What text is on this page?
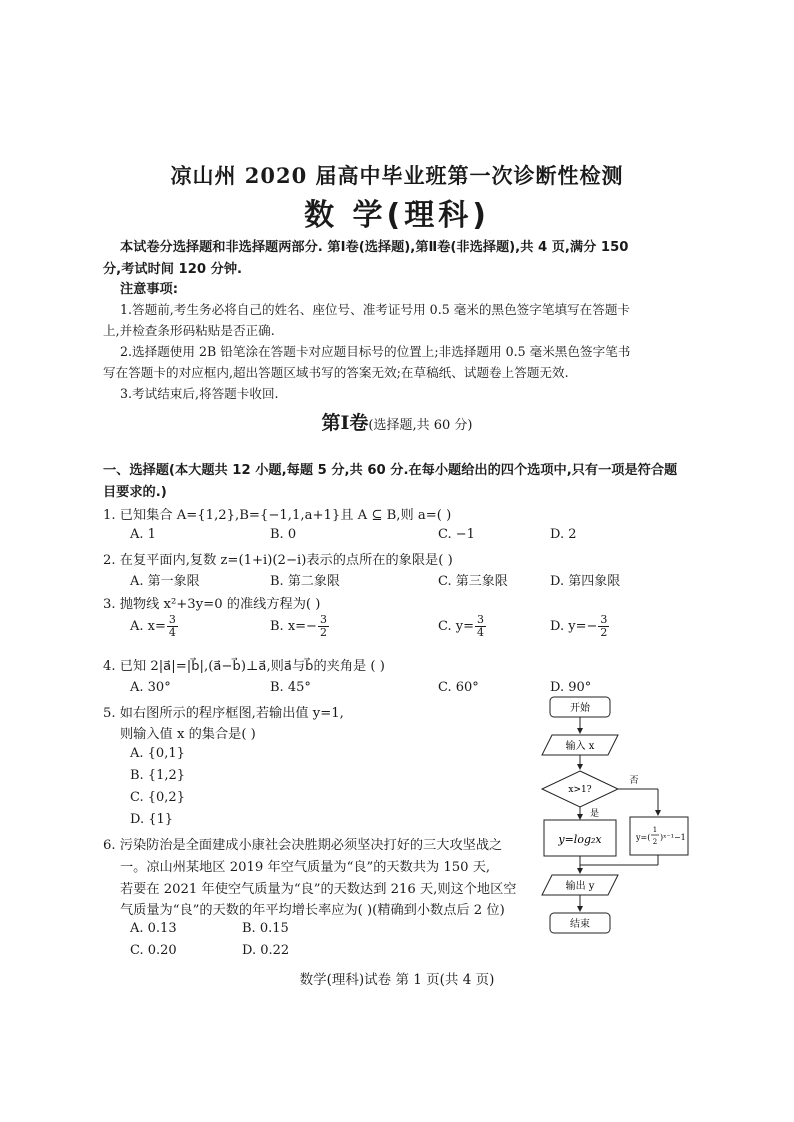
凉山州 2020 届高中毕业班第一次诊断性检测
数 学(理科)
本试卷分选择题和非选择题两部分. 第Ⅰ卷(选择题),第Ⅱ卷(非选择题),共 4 页,满分 150
分,考试时间 120 分钟.
注意事项:
1.答题前,考生务必将自己的姓名、座位号、准考证号用 0.5 毫米的黑色签字笔填写在答题卡
上,并检查条形码粘贴是否正确.
2.选择题使用 2B 铅笔涂在答题卡对应题目标号的位置上;非选择题用 0.5 毫米黑色签字笔书
写在答题卡的对应框内,超出答题区域书写的答案无效;在草稿纸、试题卷上答题无效.
3.考试结束后,将答题卡收回.
第Ⅰ卷(选择题,共 60 分)
一、选择题(本大题共 12 小题,每题 5 分,共 60 分.在每小题给出的四个选项中,只有一项是符合题
目要求的.)
1. 已知集合 A={1,2},B={−1,1,a+1}且 A ⊆ B,则 a=( )
A. 1	B. 0	C. −1	D. 2
2. 在复平面内,复数 z=(1+i)(2−i)表示的点所在的象限是( )
A. 第一象限	B. 第二象限	C. 第三象限	D. 第四象限
3. 抛物线 x²+3y=0 的准线方程为( )
A. $x= \frac{3}{4}$	B. $x=- \frac{3}{2}$	C. $y= \frac{3}{4}$	D. $y=- \frac{3}{2}$
4. 已知 2|a⃗|=|b⃗|,(a⃗−b⃗)⊥a⃗,则a⃗与b⃗的夹角是 ( )
A. 30°	B. 45°	C. 60°	D. 90°
5. 如右图所示的程序框图,若输出值 y=1,
则输入值 x 的集合是( )
A. {0,1}
B. {1,2}
C. {0,2}
D. {1}
6. 污染防治是全面建成小康社会决胜期必须坚决打好的三大攻坚战之
一。凉山州某地区 2019 年空气质量为“良”的天数共为 150 天,
若要在 2021 年使空气质量为“良”的天数达到 216 天,则这个地区空
气质量为“良”的天数的年平均增长率应为( )(精确到小数点后 2 位)
A. 0.13	B. 0.15
C. 0.20	D. 0.22
开始
输入 x
x>1?
否
是
y=log₂x	y=(
1
2 )ˣ⁻¹−1
输出 y
结束
数学(理科)试卷 第 1 页(共 4 页)
